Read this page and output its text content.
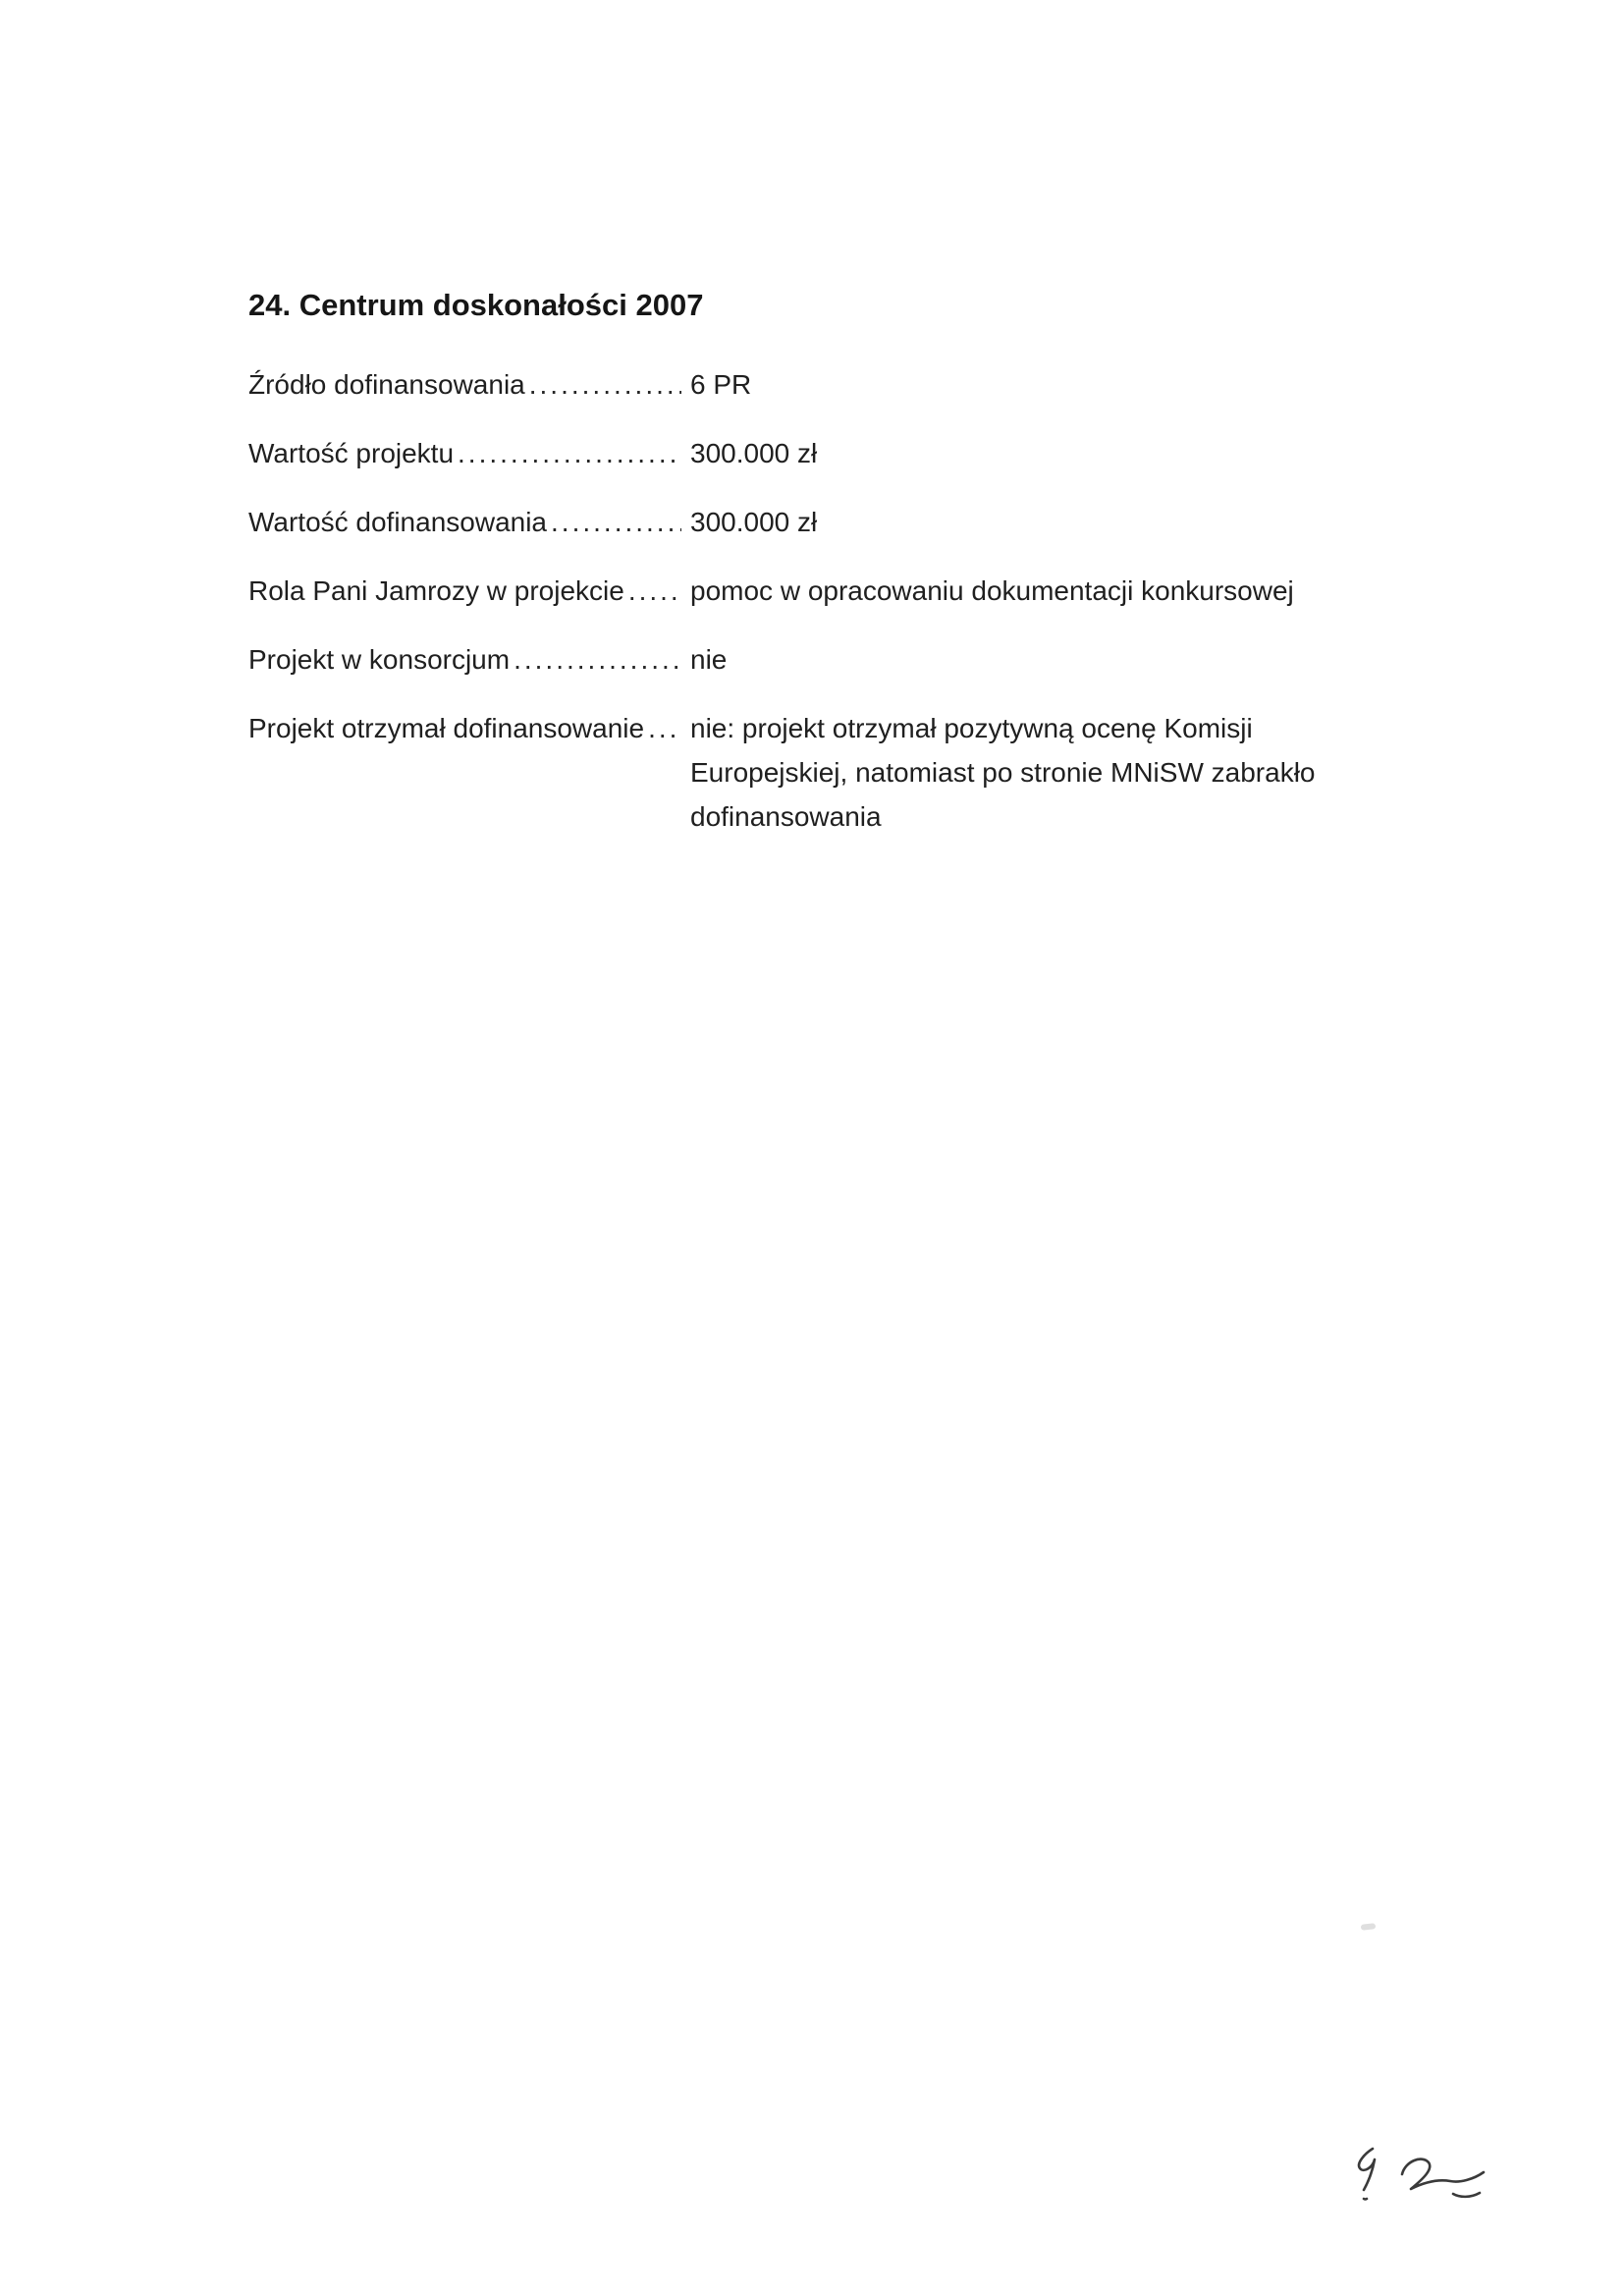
24. Centrum doskonałości 2007
Źródło dofinansowania .....	6 PR
Wartość projektu .....	300.000 zł
Wartość dofinansowania .....	300.000 zł
Rola Pani Jamrozy w projekcie ..... pomoc w opracowaniu dokumentacji konkursowej
Projekt w konsorcjum .....	nie
Projekt otrzymał dofinansowanie ..... nie: projekt otrzymał pozytywną ocenę Komisji Europejskiej, natomiast po stronie MNiSW zabrakło dofinansowania
